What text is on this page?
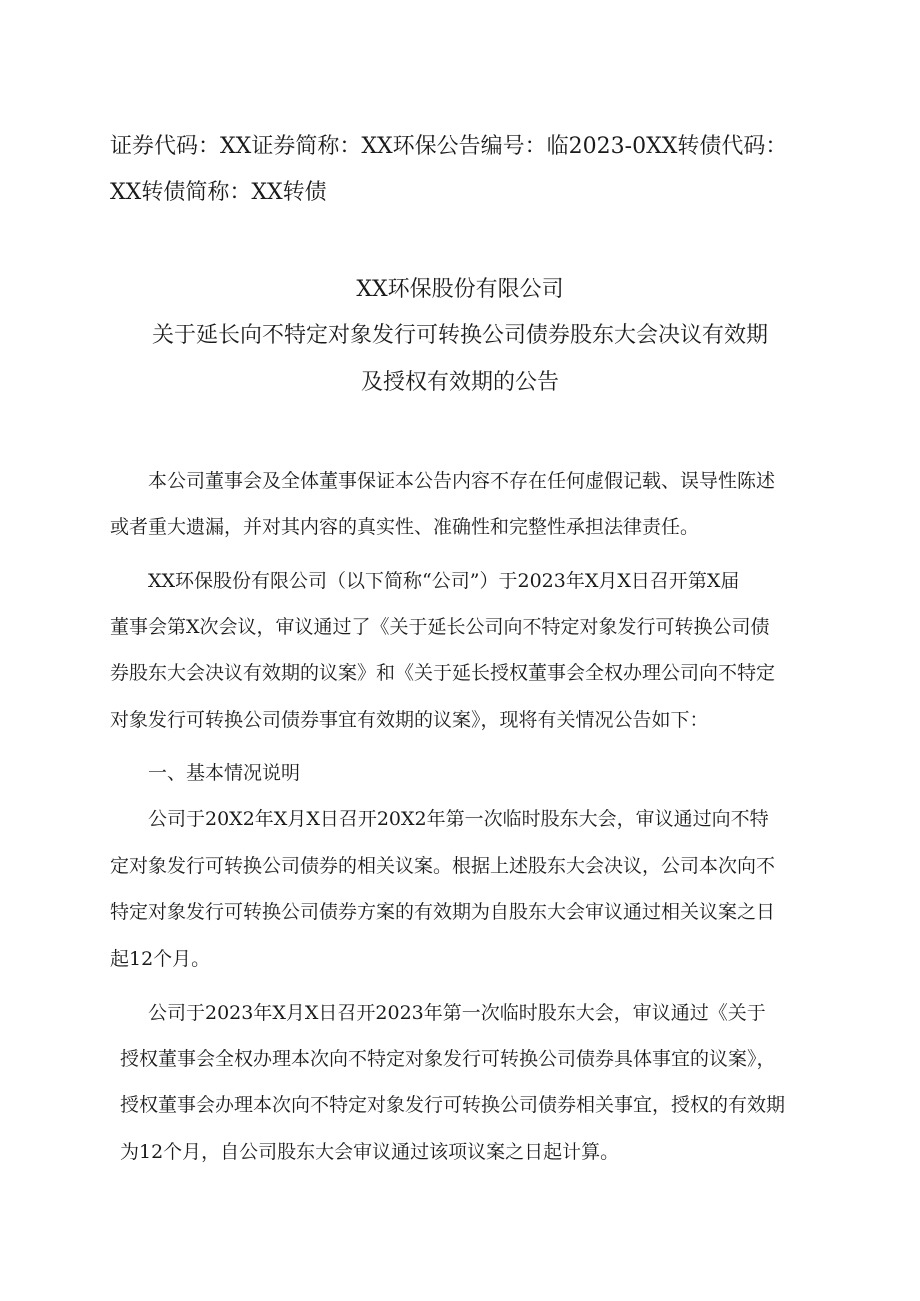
证券代码：XX证券简称：XX环保公告编号：临2023-0XX转债代码：
XX转债简称：XX转债
XX环保股份有限公司
关于延长向不特定对象发行可转换公司债券股东大会决议有效期
及授权有效期的公告
本公司董事会及全体董事保证本公告内容不存在任何虚假记载、误导性陈述
或者重大遗漏，并对其内容的真实性、准确性和完整性承担法律责任。
XX环保股份有限公司（以下简称“公司”）于2023年X月X日召开第X届
董事会第X次会议，审议通过了《关于延长公司向不特定对象发行可转换公司债
券股东大会决议有效期的议案》和《关于延长授权董事会全权办理公司向不特定
对象发行可转换公司债券事宜有效期的议案》，现将有关情况公告如下：
一、基本情况说明
公司于20X2年X月X日召开20X2年第一次临时股东大会，审议通过向不特
定对象发行可转换公司债券的相关议案。根据上述股东大会决议，公司本次向不
特定对象发行可转换公司债券方案的有效期为自股东大会审议通过相关议案之日
起12个月。
公司于2023年X月X日召开2023年第一次临时股东大会，审议通过《关于
授权董事会全权办理本次向不特定对象发行可转换公司债券具体事宜的议案》，
授权董事会办理本次向不特定对象发行可转换公司债券相关事宜，授权的有效期
为12个月，自公司股东大会审议通过该项议案之日起计算。
